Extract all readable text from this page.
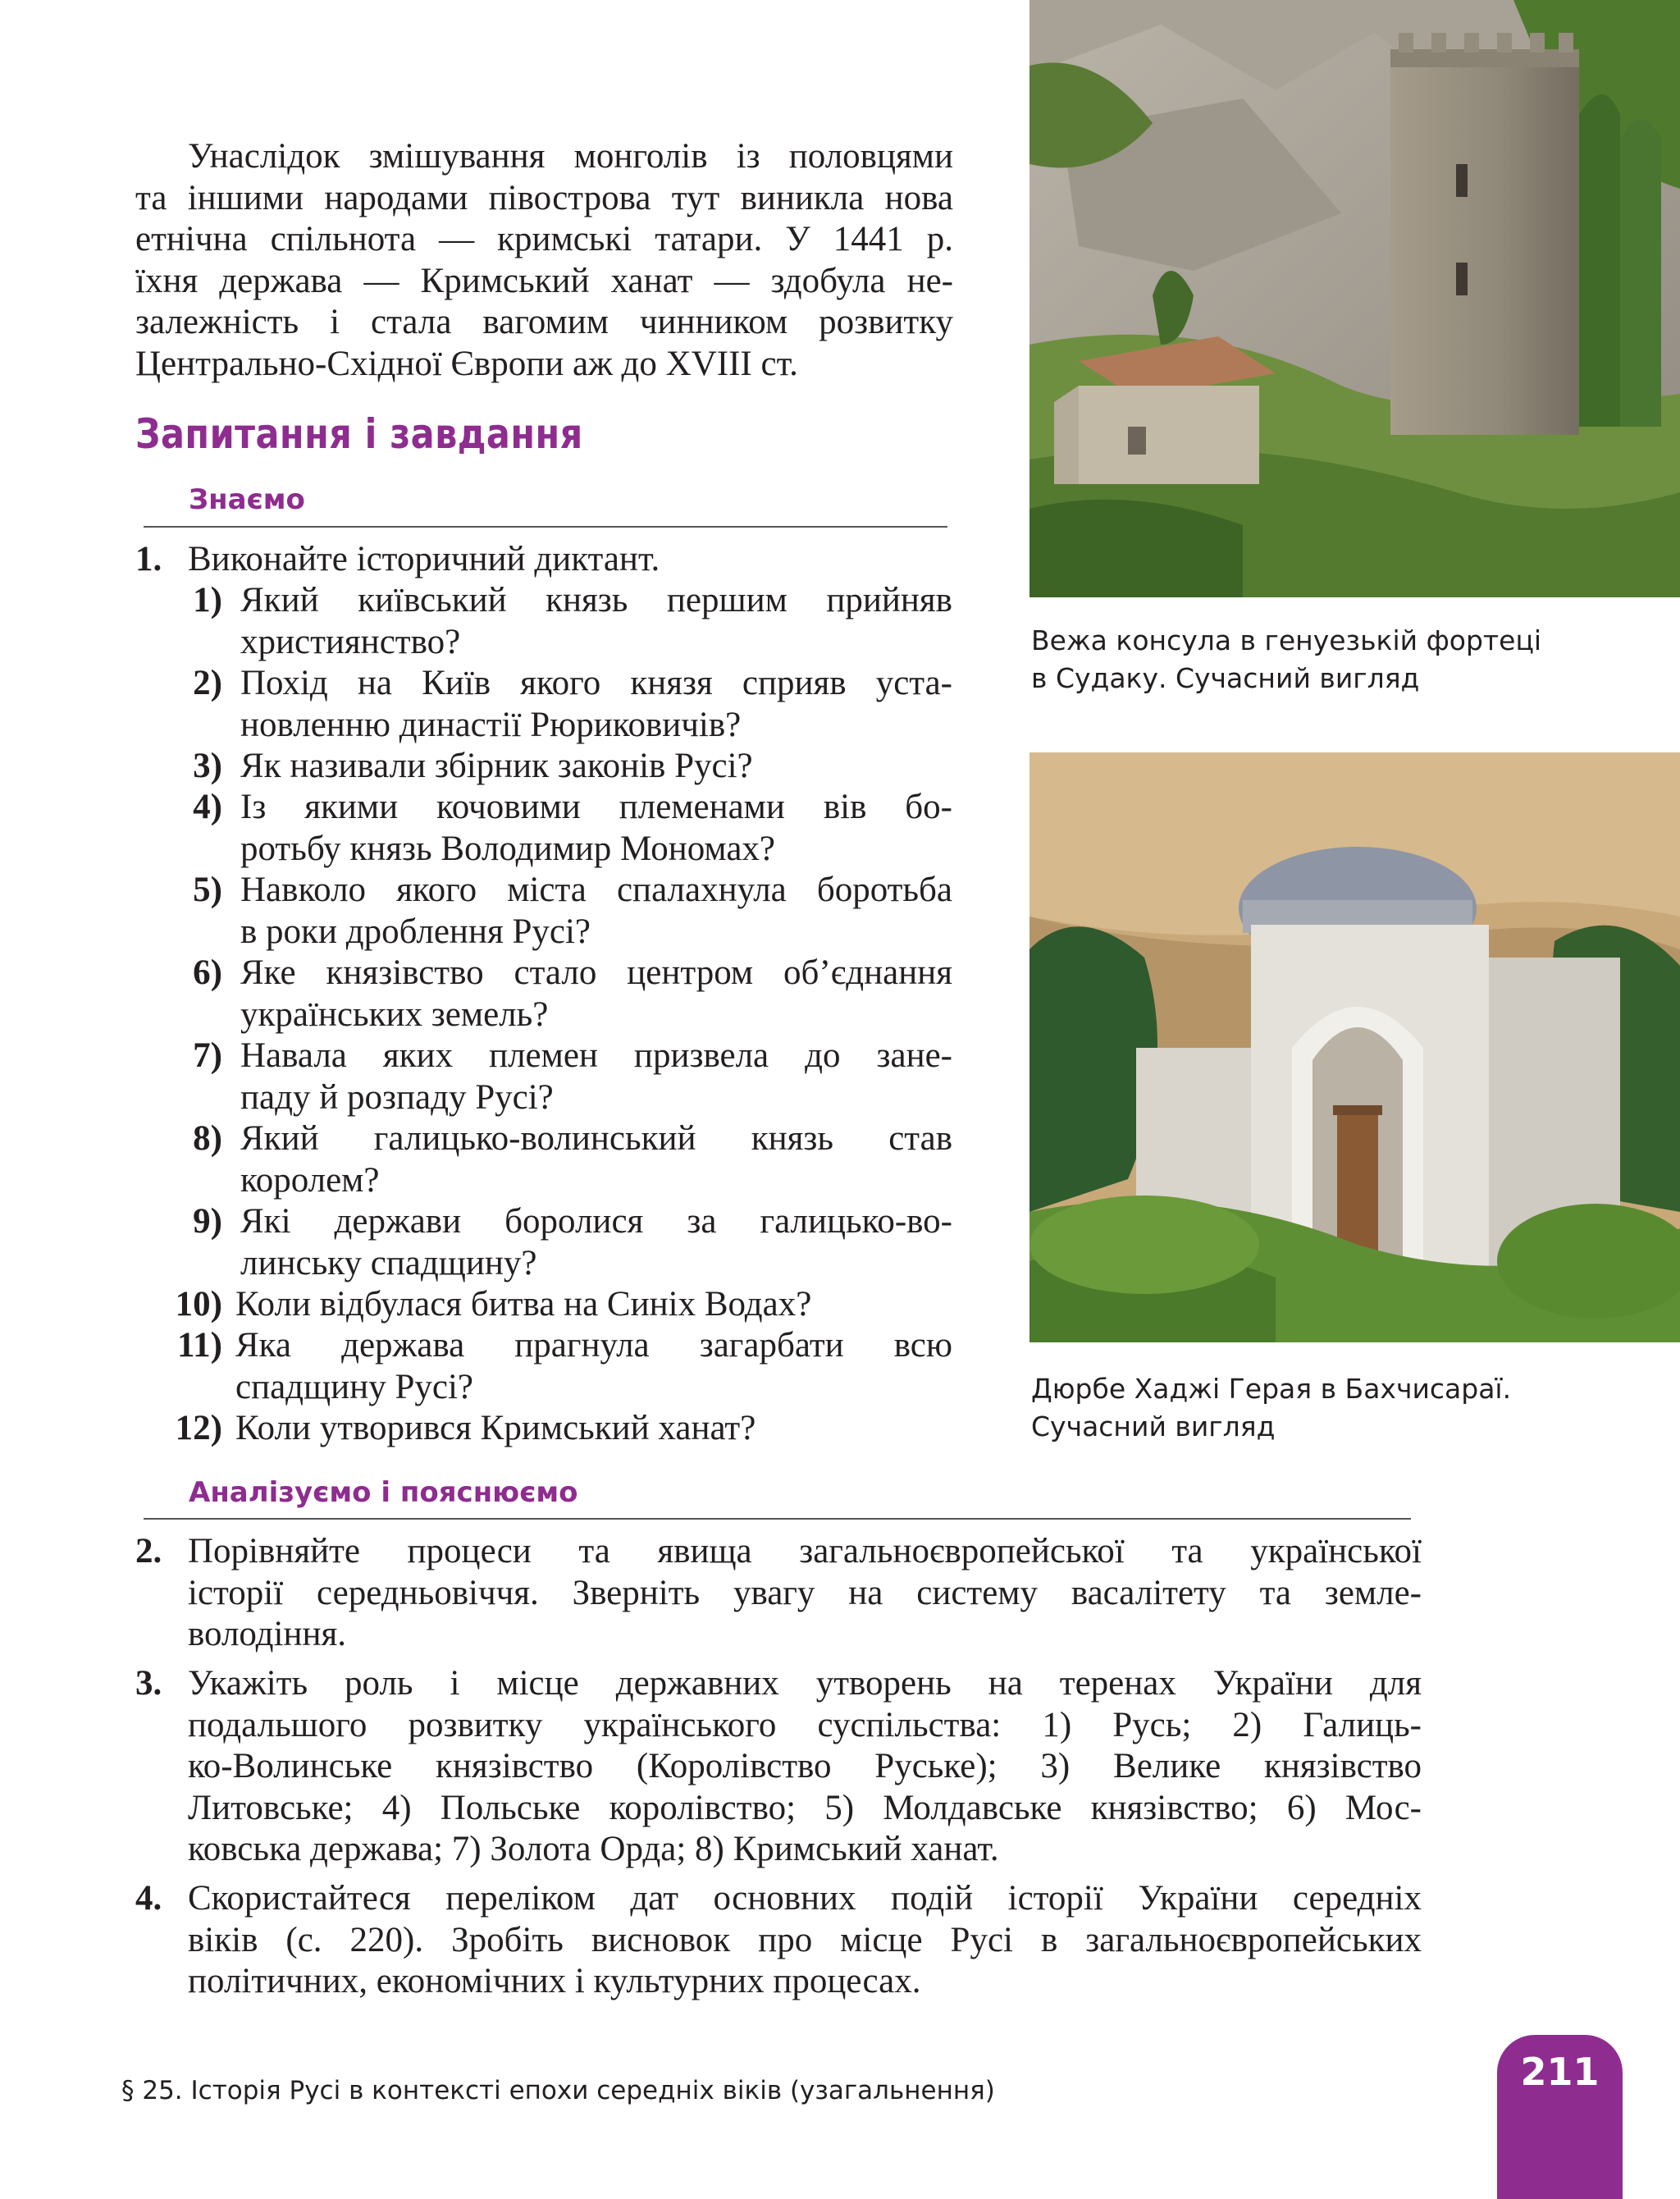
Унаслідок змішування монголів із половцями
та іншими народами півострова тут виникла нова
етнічна спільнота — кримські татари. У 1441 р.
їхня держава — Кримський ханат — здобула не-
залежність і стала вагомим чинником розвитку
Центрально-Східної Європи аж до XVIII ст.
Запитання і завдання

Знаємо

1. Виконайте історичний диктант.
1) Який київський князь першим прийняв
християнство?
2) Похід на Київ якого князя сприяв уста-
новленню династії Рюриковичів?
3) Як називали збірник законів Русі?
4) Із якими кочовими племенами вів бо-
ротьбу князь Володимир Мономах?
5) Навколо якого міста спалахнула боротьба
в роки дроблення Русі?
6) Яке князівство стало центром об’єднання
українських земель?
7) Навала яких племен призвела до зане-
паду й розпаду Русі?
8) Який галицько-волинський князь став
королем?
9) Які держави боролися за галицько-во-
линську спадщину?
10) Коли відбулася битва на Синіх Водах?
11) Яка держава прагнула загарбати всю
спадщину Русі?
12) Коли утворився Кримський ханат?

Аналізуємо і пояснюємо

2. Порівняйте процеси та явища загальноєвропейської та української
історії середньовіччя. Зверніть увагу на систему васалітету та земле-
володіння.
3. Укажіть роль і місце державних утворень на теренах України для
подальшого розвитку українського суспільства: 1) Русь; 2) Галиць-
ко-Волинське князівство (Королівство Руське); 3) Велике князівство
Литовське; 4) Польське королівство; 5) Молдавське князівство; 6) Мос-
ковська держава; 7) Золота Орда; 8) Кримський ханат.
4. Скористайтеся переліком дат основних подій історії України середніх
віків (с. 220). Зробіть висновок про місце Русі в загальноєвропейських
політичних, економічних і культурних процесах.

Вежа консула в генуезькій фортеці
в Судаку. Сучасний вигляд

Дюрбе Хаджі Герая в Бахчисараї.
Сучасний вигляд

§ 25. Історія Русі в контексті епохи середніх віків (узагальнення)	211
